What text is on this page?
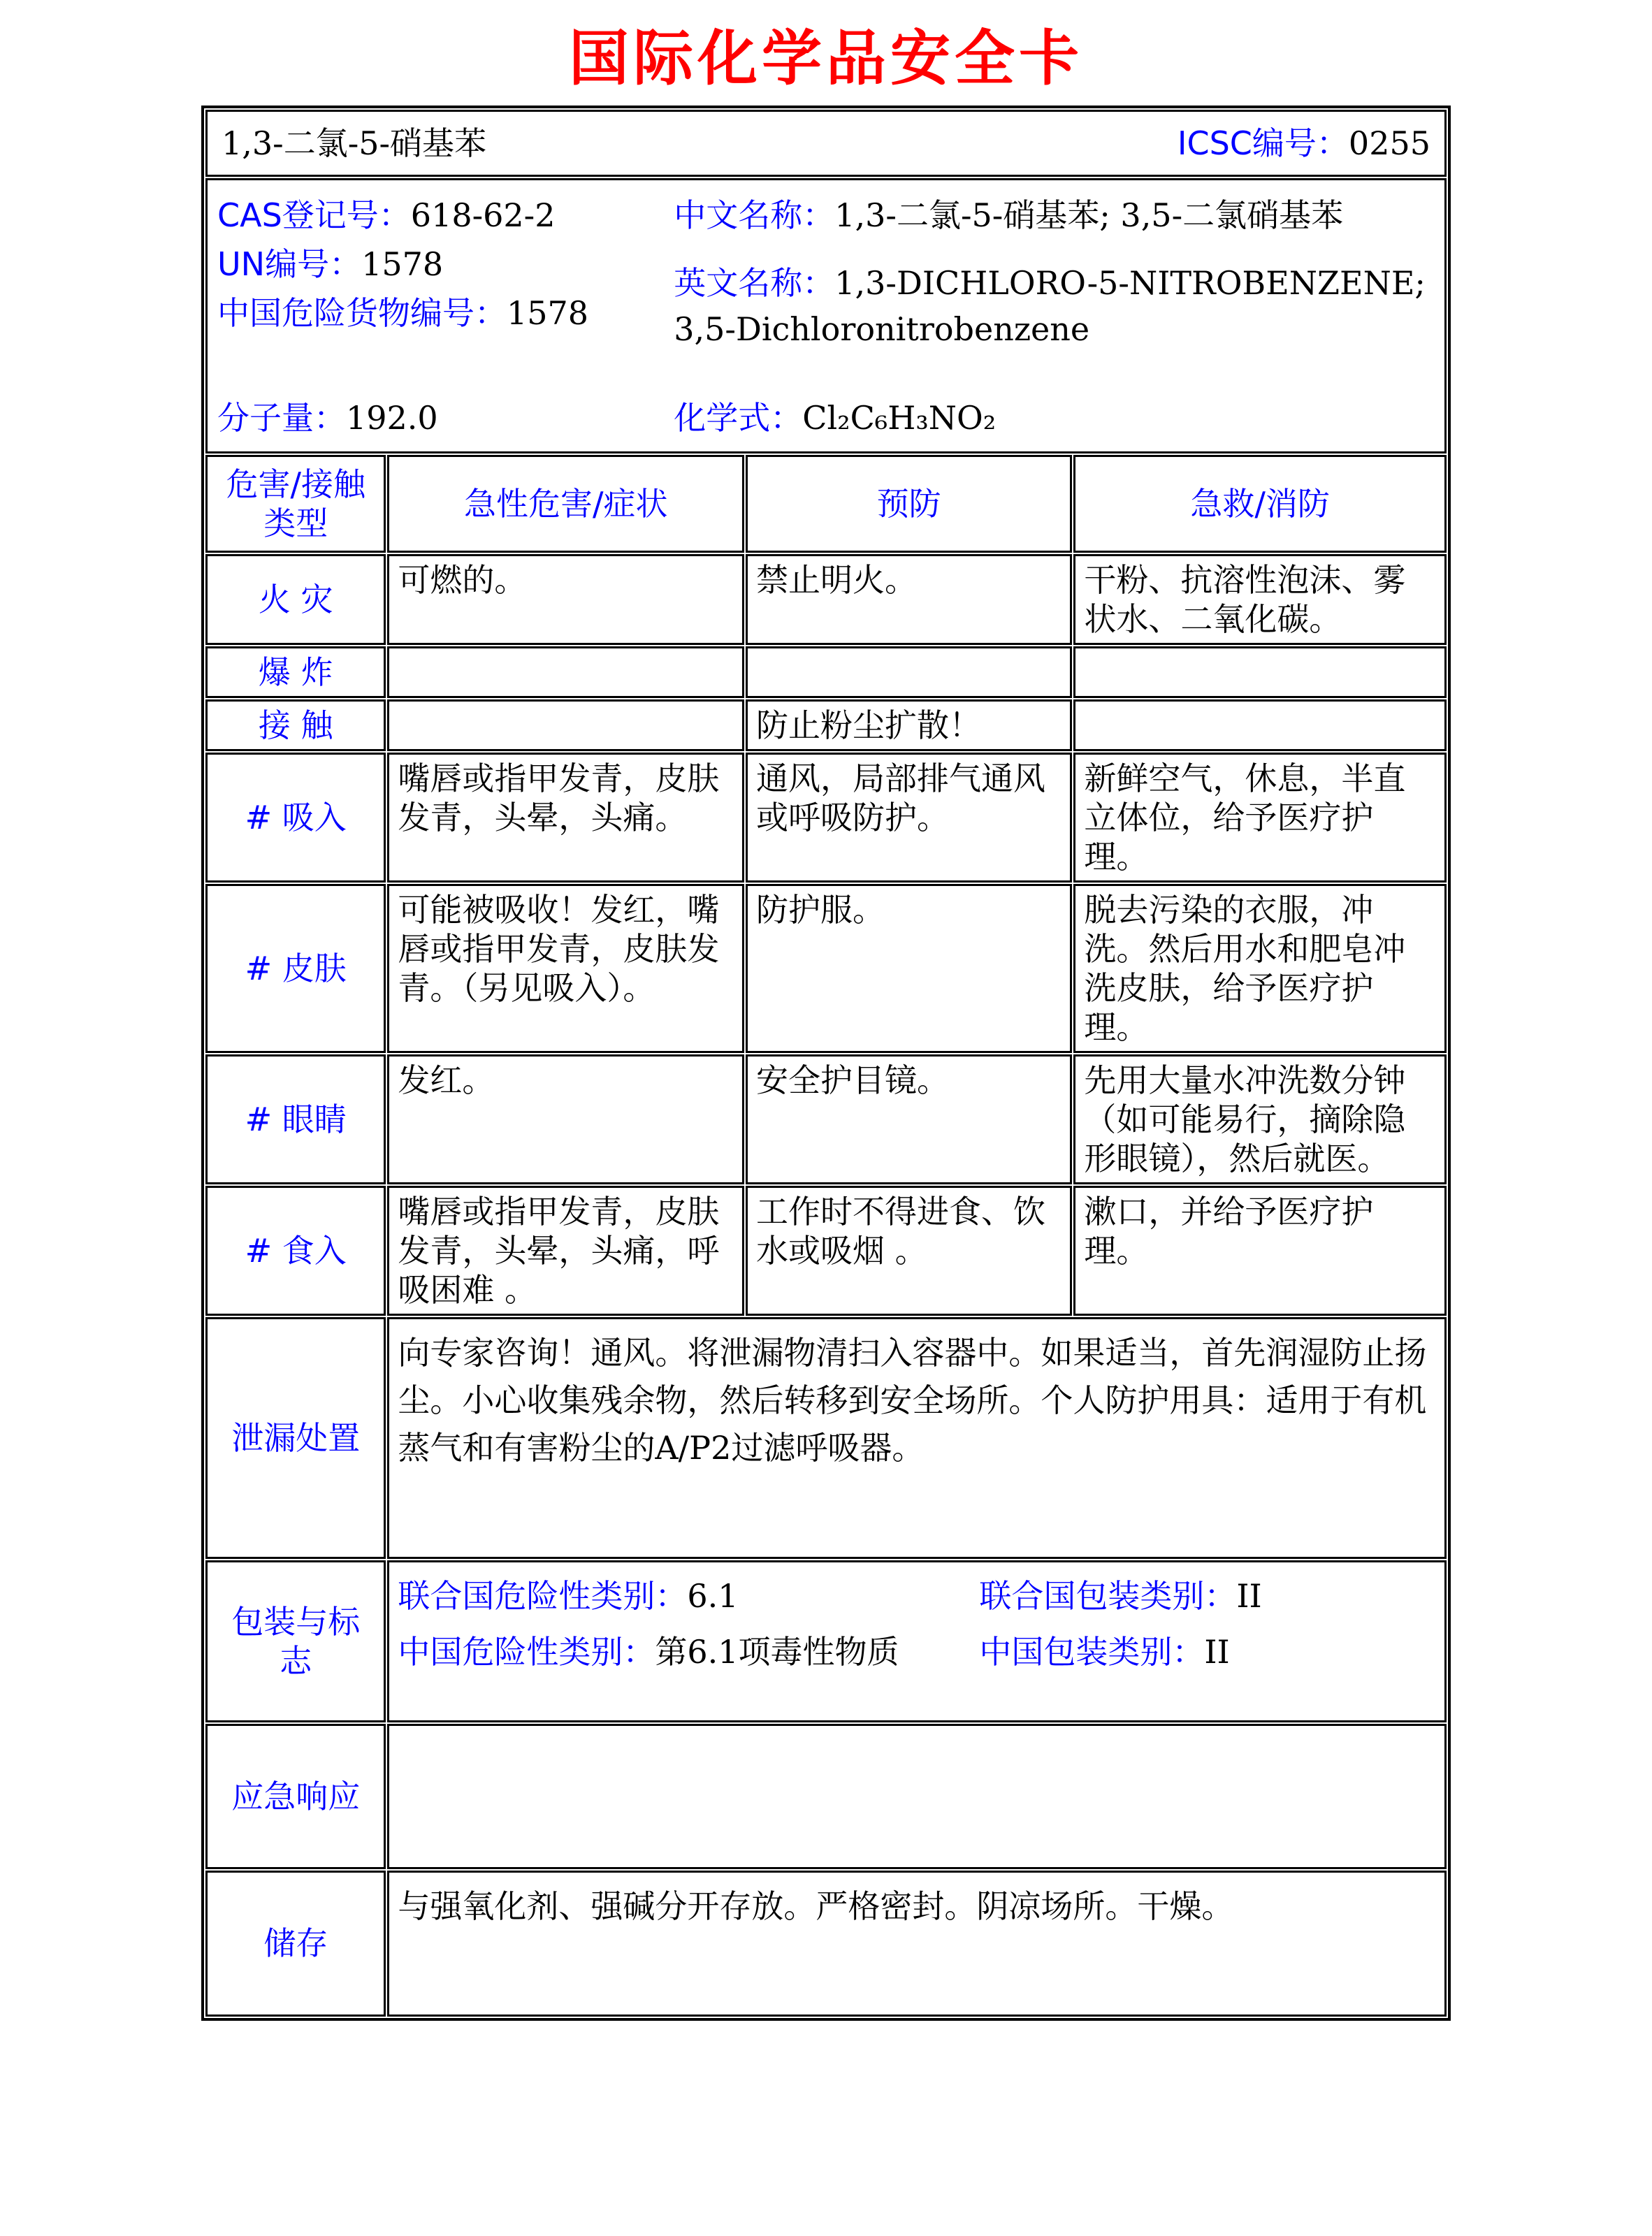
国际化学品安全卡
1,3-二氯-5-硝基苯 ICSC编号：0255			

CAS登记号：618-62-2
UN编号：1578
中国危险货物编号：1578
分子量：192.0
中文名称：1,3-二氯-5-硝基苯; 3,5-二氯硝基苯
英文名称：1,3-DICHLORO-5-NITROBENZENE; 3,5-Dichloronitrobenzene
化学式：Cl₂C₆H₃NO₂

危害/接触类型	急性危害/症状	预防	急救/消防
火 灾	可燃的。	禁止明火。	干粉、抗溶性泡沫、雾状水、二氧化碳。
爆 炸			
接 触		防止粉尘扩散！	
# 吸入	嘴唇或指甲发青，皮肤发青，头晕，头痛。	通风，局部排气通风或呼吸防护。	新鲜空气，休息，半直立体位，给予医疗护理。
# 皮肤	可能被吸收！发红，嘴唇或指甲发青，皮肤发青。（另见吸入）。	防护服。	脱去污染的衣服，冲洗。然后用水和肥皂冲洗皮肤，给予医疗护理。
# 眼睛	发红。	安全护目镜。	先用大量水冲洗数分钟（如可能易行，摘除隐形眼镜），然后就医。
# 食入	嘴唇或指甲发青，皮肤发青，头晕，头痛，呼吸困难 。	工作时不得进食、饮水或吸烟 。	漱口，并给予医疗护理。
泄漏处置	向专家咨询！通风。将泄漏物清扫入容器中。如果适当，首先润湿防止扬尘。小心收集残余物，然后转移到安全场所。个人防护用具：适用于有机蒸气和有害粉尘的A/P2过滤呼吸器。		
包装与标志	联合国危险性类别：6.1 联合国包装类别：II
中国危险性类别：第6.1项毒性物质 中国包装类别：II		

应急响应			
储存	与强氧化剂、强碱分开存放。严格密封。阴凉场所。干燥。		
